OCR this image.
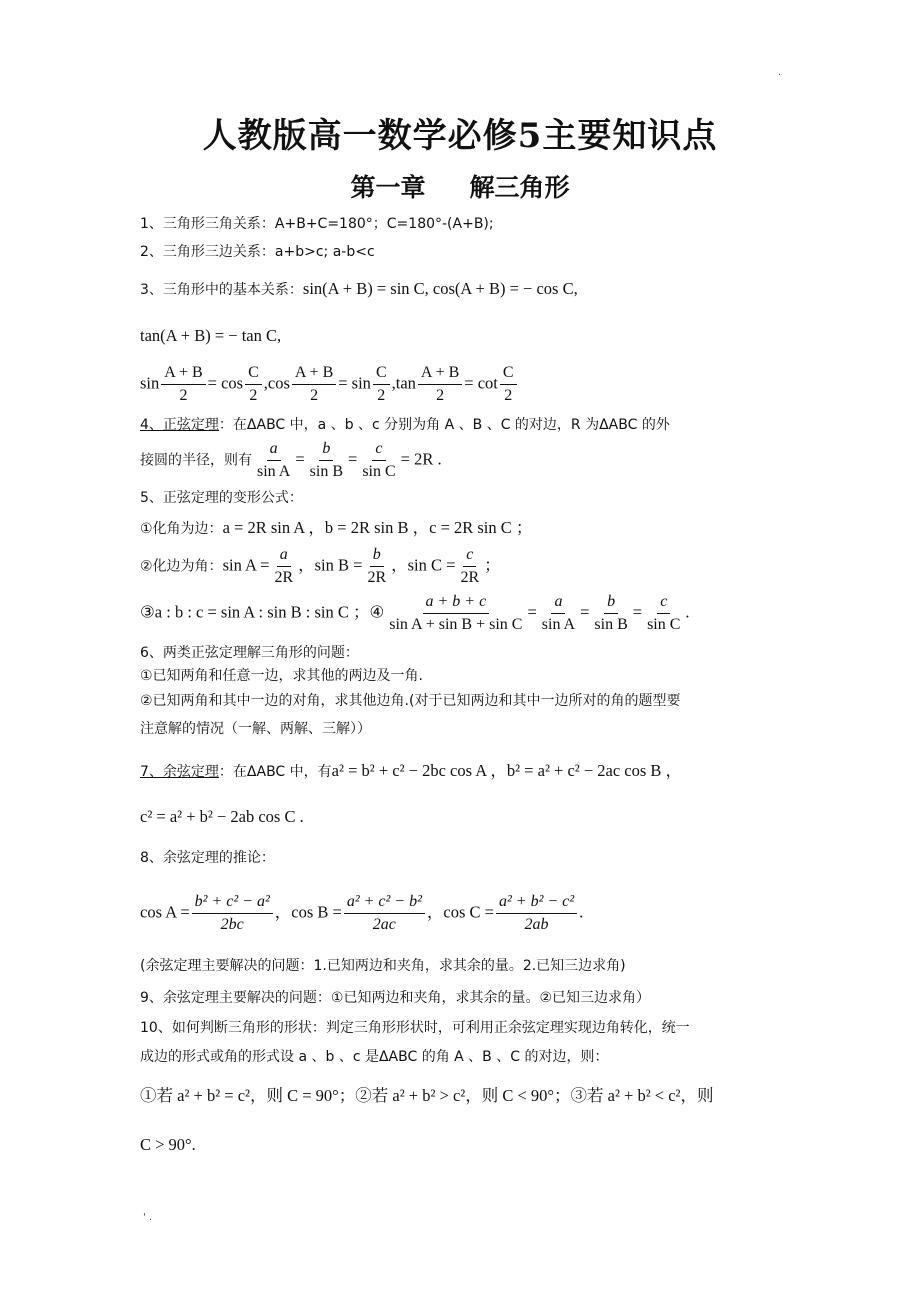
·
人教版高一数学必修5主要知识点
第一章 解三角形
1、三角形三角关系：A+B+C=180°；C=180°-(A+B);
2、三角形三边关系：a+b>c; a-b<c
3、三角形中的基本关系：sin(A + B) = sin C, cos(A + B) = − cos C,
tan(A + B) = − tan C,
$\sin \frac{A + B}{2} = \cos \frac{C}{2} ,\cos \frac{A + B}{2} = \sin \frac{C}{2} ,\tan \frac{A + B}{2} = \cot \frac{C}{2}$
4、正弦定理：在ΔABC 中，a 、b 、c 分别为角 A 、B 、C 的对边，R 为ΔABC 的外
接圆的半径，则有 $\frac{a}{\text{sin A}} = \frac{b}{\text{sin B}} = \frac{c}{\text{sin C}} = 2R$ .
5、正弦定理的变形公式：
①化角为边：a = 2R sin A ，b = 2R sin B ，c = 2R sin C ；
②化边为角：$\sin A = \frac{a}{2R}$ ，$\sin B = \frac{b}{2R}$ ，$\sin C = \frac{c}{2R}$ ；
③a : b : c = sin A : sin B : sin C ；④ $\frac{a + b + c}{\text{sin A + sin B + sin C}} = \frac{a}{\text{sin A}} = \frac{b}{\text{sin B}} = \frac{c}{\text{sin C}}$ .
6、两类正弦定理解三角形的问题：
①已知两角和任意一边，求其他的两边及一角.
②已知两角和其中一边的对角，求其他边角.(对于已知两边和其中一边所对的角的题型要
注意解的情况（一解、两解、三解））
7、余弦定理：在ΔABC 中，有a² = b² + c² − 2bc cos A ，b² = a² + c² − 2ac cos B ，
c² = a² + b² − 2ab cos C .
8、余弦定理的推论：
$\cos A = \frac{\text{b² + c² − a²}}{2bc}$ ，$\cos B = \frac{\text{a² + c² − b²}}{2ac}$ ，$\cos C = \frac{\text{a² + b² − c²}}{2ab}$ .
(余弦定理主要解决的问题：1.已知两边和夹角，求其余的量。2.已知三边求角)
9、余弦定理主要解决的问题：①已知两边和夹角，求其余的量。②已知三边求角）
10、如何判断三角形的形状：判定三角形形状时，可利用正余弦定理实现边角转化，统一
成边的形式或角的形式设 a 、b 、c 是ΔABC 的角 A 、B 、C 的对边，则：
①若 a² + b² = c²，则 C = 90°；②若 a² + b² > c²，则 C < 90°；③若 a² + b² < c²，则
C > 90°.
' .
